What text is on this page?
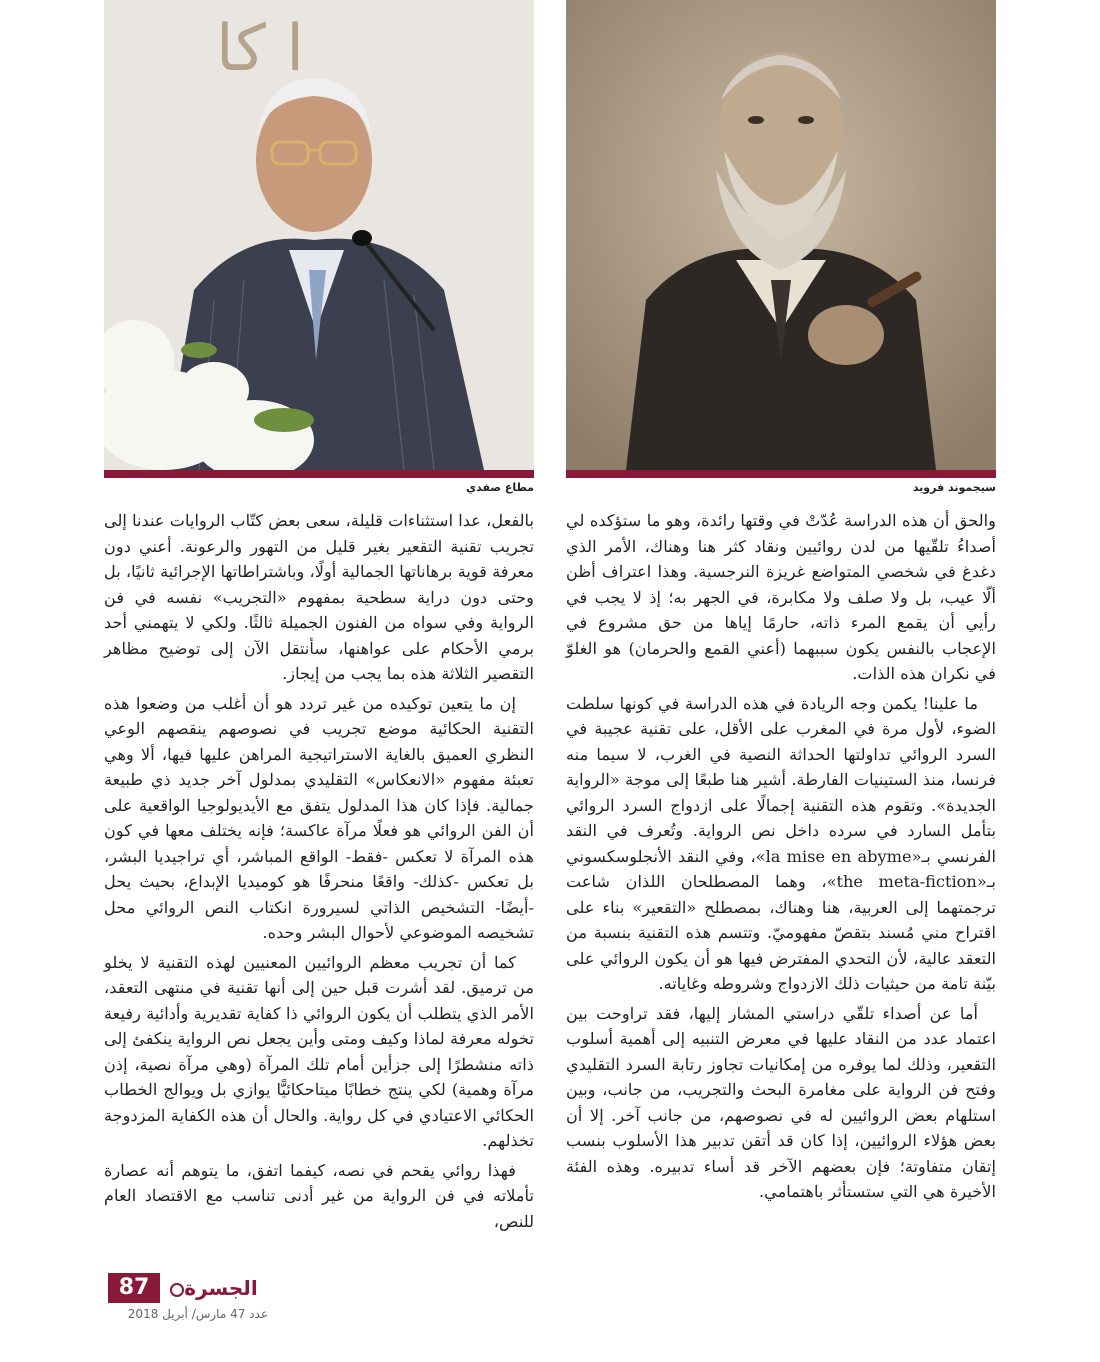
سيجموند فرويد
ا كا
مطاع صفدي

والحق أن هذه الدراسة عُدّتْ في وقتها رائدة، وهو ما ستؤكده لي أصداءُ تلقّيها من لدن روائيين ونقاد كثر هنا وهناك، الأمر الذي دغدغ في شخصي المتواضع غريزة النرجسية. وهذا اعتراف أظن ألّا عيب، بل ولا صلف ولا مكابرة، في الجهر به؛ إذ لا يجب في رأيي أن يقمع المرء ذاته، حارمًا إياها من حق مشروع في الإعجاب بالنفس يكون سببهما (أعني القمع والحرمان) هو الغلوّ في نكران هذه الذات.

ما علينا! يكمن وجه الريادة في هذه الدراسة في كونها سلطت الضوء، لأول مرة في المغرب على الأقل، على تقنية عجيبة في السرد الروائي تداولتها الحداثة النصية في الغرب، لا سيما منه فرنسا، منذ الستينيات الفارطة. أشير هنا طبعًا إلى موجة «الرواية الجديدة». وتقوم هذه التقنية إجمالًا على ازدواج السرد الروائي بتأمل السارد في سرده داخل نص الرواية. وتُعرف في النقد الفرنسي بـ«la mise en abyme»، وفي النقد الأنجلوسكسوني بـ«the meta-fiction»، وهما المصطلحان اللذان شاعت ترجمتهما إلى العربية، هنا وهناك، بمصطلح «التقعير» بناء على اقتراح مني مُسند بتقصّ مفهوميّ. وتتسم هذه التقنية بنسبة من التعقد عالية، لأن التحدي المفترض فيها هو أن يكون الروائي على بيّنة تامة من حيثيات ذلك الازدواج وشروطه وغاياته.

أما عن أصداء تلقّي دراستي المشار إليها، فقد تراوحت بين اعتماد عدد من النقاد عليها في معرض التنبيه إلى أهمية أسلوب التقعير، وذلك لما يوفره من إمكانيات تجاوز رتابة السرد التقليدي وفتح فن الرواية على مغامرة البحث والتجريب، من جانب، وبين استلهام بعض الروائيين له في نصوصهم، من جانب آخر. إلا أن بعض هؤلاء الروائيين، إذا كان قد أتقن تدبير هذا الأسلوب بنسب إتقان متفاوتة؛ فإن بعضهم الآخر قد أساء تدبيره. وهذه الفئة الأخيرة هي التي ستستأثر باهتمامي.

بالفعل، عدا استثناءات قليلة، سعى بعض كتّاب الروايات عندنا إلى تجريب تقنية التقعير بغير قليل من التهور والرعونة. أعني دون معرفة قوية برهاناتها الجمالية أولًا، وباشتراطاتها الإجرائية ثانيًا، بل وحتى دون دراية سطحية بمفهوم «التجريب» نفسه في فن الرواية وفي سواه من الفنون الجميلة ثالثًا. ولكي لا يتهمني أحد برمي الأحكام على عواهنها، سأنتقل الآن إلى توضيح مظاهر التقصير الثلاثة هذه بما يجب من إيجاز.

إن ما يتعين توكيده من غير تردد هو أن أغلب من وضعوا هذه التقنية الحكائية موضع تجريب في نصوصهم ينقصهم الوعي النظري العميق بالغاية الاستراتيجية المراهن عليها فيها، ألا وهي تعبئة مفهوم «الانعكاس» التقليدي بمدلول آخر جديد ذي طبيعة جمالية. فإذا كان هذا المدلول يتفق مع الأيديولوجيا الواقعية على أن الفن الروائي هو فعلًا مرآة عاكسة؛ فإنه يختلف معها في كون هذه المرآة لا تعكس -فقط- الواقع المباشر، أي تراجيديا البشر، بل تعكس -كذلك- واقعًا منحرفًا هو كوميديا الإبداع، بحيث يحل -أيضًا- التشخيص الذاتي لسيرورة انكتاب النص الروائي محل تشخيصه الموضوعي لأحوال البشر وحده.

كما أن تجريب معظم الروائيين المعنيين لهذه التقنية لا يخلو من ترميق. لقد أشرت قبل حين إلى أنها تقنية في منتهى التعقد، الأمر الذي يتطلب أن يكون الروائي ذا كفاية تقديرية وأدائية رفيعة تخوله معرفة لماذا وكيف ومتى وأين يجعل نص الرواية ينكفئ إلى ذاته منشطرًا إلى جزأين أمام تلك المرآة (وهي مرآة نصية، إذن مرآة وهمية) لكي ينتج خطابًا ميتاحكائيًّا يوازي بل ويوالج الخطاب الحكائي الاعتيادي في كل رواية. والحال أن هذه الكفاية المزدوجة تخذلهم.

فهذا روائي يقحم في نصه، كيفما اتفق، ما يتوهم أنه عصارة تأملاته في فن الرواية من غير أدنى تناسب مع الاقتصاد العام للنص،

87	الجسرة
عدد 47 مارس/ أبريل 2018
